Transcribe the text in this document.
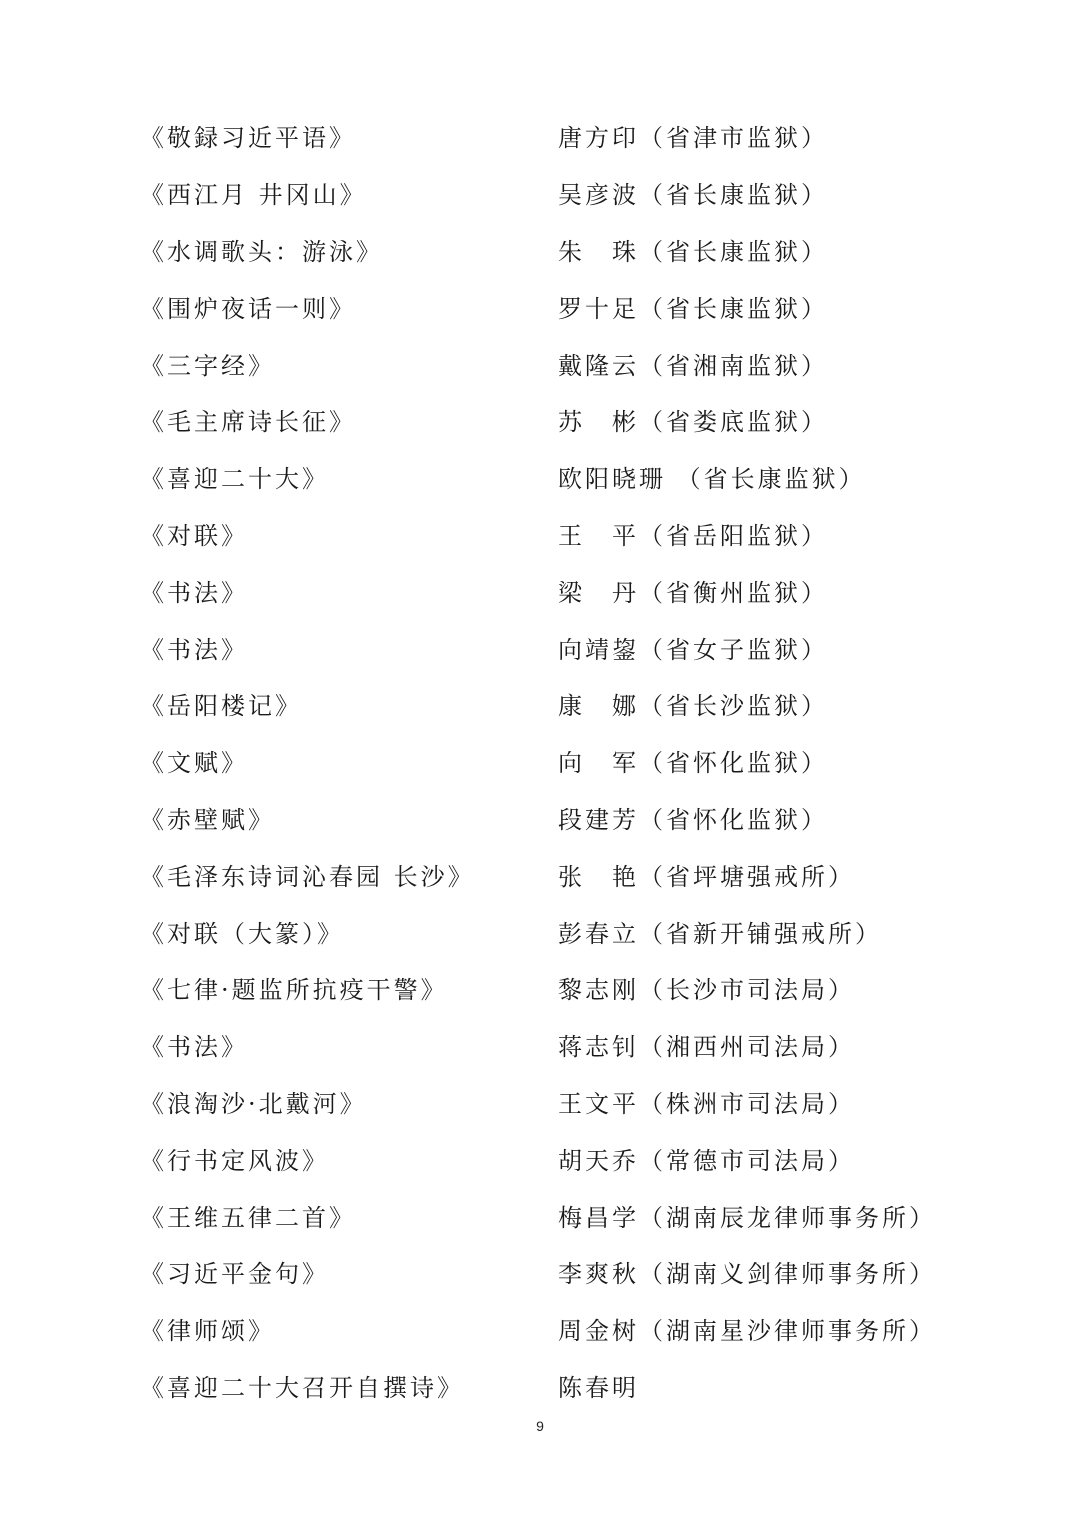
《敬録习近平语》	唐方印（省津市监狱）
《西江月 井冈山》	吴彦波（省长康监狱）
《水调歌头：游泳》	朱　珠（省长康监狱）
《围炉夜话一则》	罗十足（省长康监狱）
《三字经》	戴隆云（省湘南监狱）
《毛主席诗长征》	苏　彬（省娄底监狱）
《喜迎二十大》	欧阳晓珊 （省长康监狱）
《对联》	王　平（省岳阳监狱）
《书法》	梁　丹（省衡州监狱）
《书法》	向靖鋆（省女子监狱）
《岳阳楼记》	康　娜（省长沙监狱）
《文赋》	向　军（省怀化监狱）
《赤壁赋》	段建芳（省怀化监狱）
《毛泽东诗词沁春园 长沙》	张　艳（省坪塘强戒所）
《对联（大篆）》	彭春立（省新开铺强戒所）
《七律·题监所抗疫干警》	黎志刚（长沙市司法局）
《书法》	蒋志钊（湘西州司法局）
《浪淘沙·北戴河》	王文平（株洲市司法局）
《行书定风波》	胡天乔（常德市司法局）
《王维五律二首》	梅昌学（湖南辰龙律师事务所）
《习近平金句》	李爽秋（湖南义剑律师事务所）
《律师颂》	周金树（湖南星沙律师事务所）
《喜迎二十大召开自撰诗》	陈春明
9
